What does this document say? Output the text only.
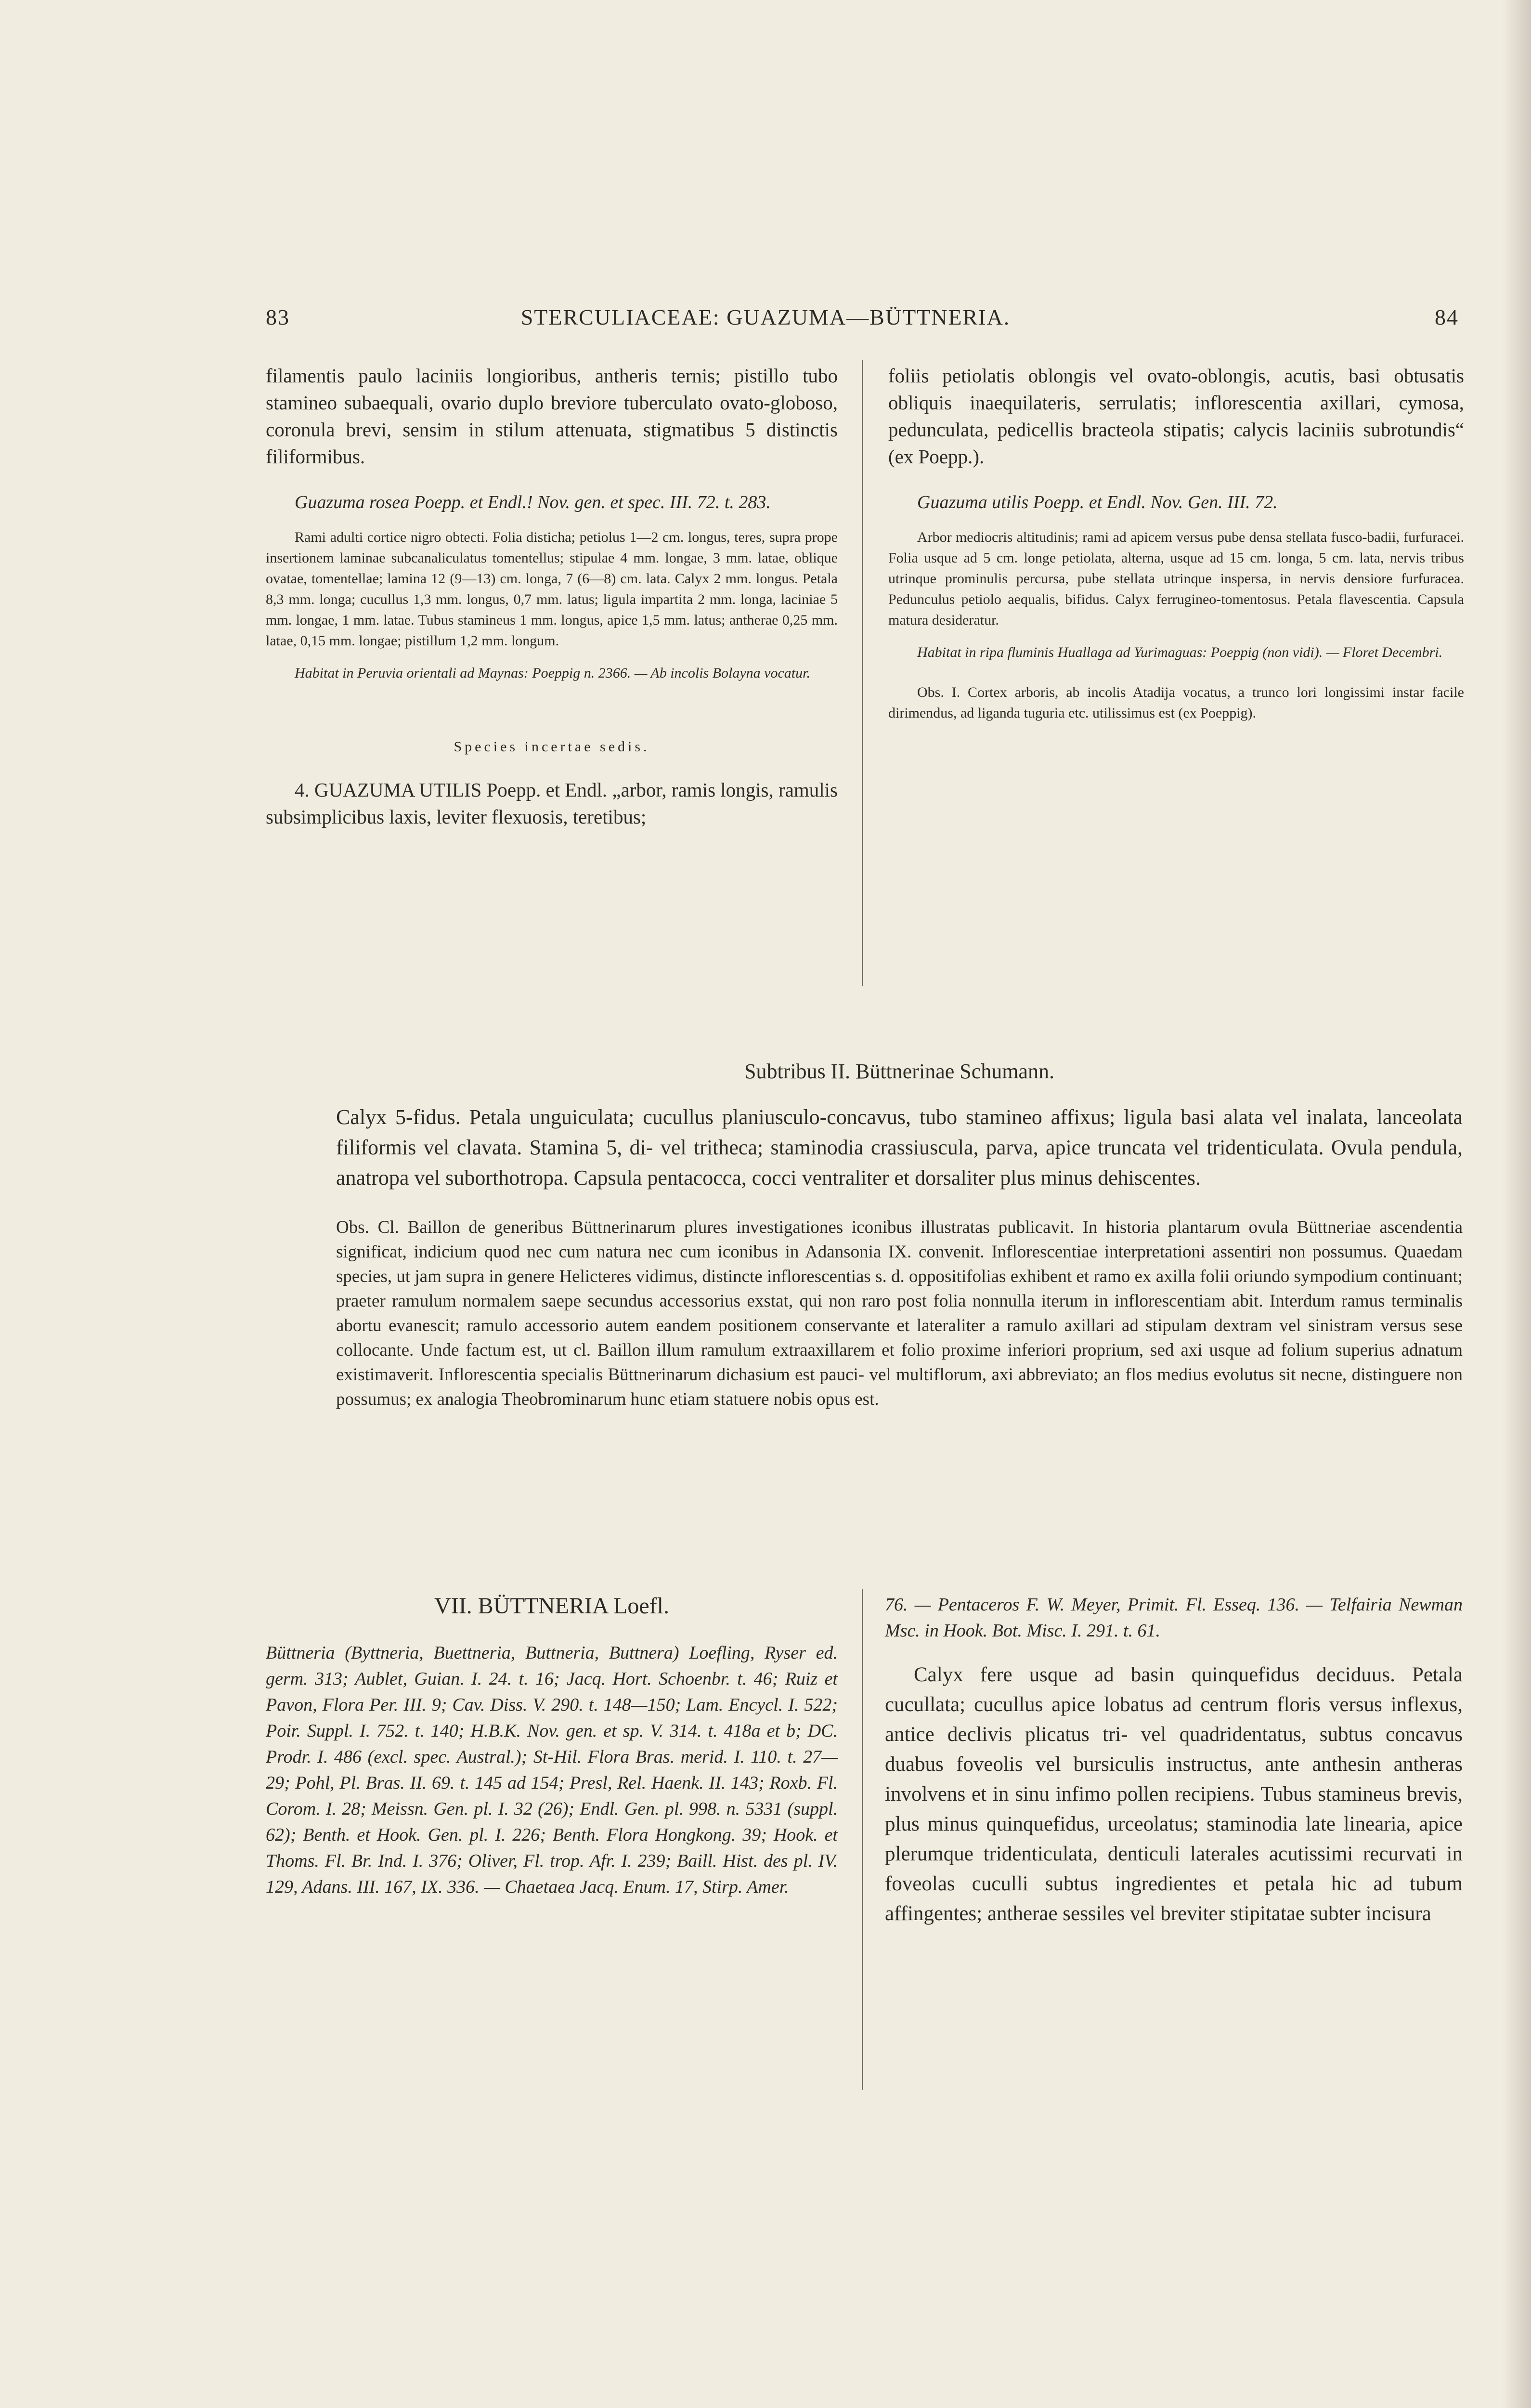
83	STERCULIACEAE: GUAZUMA—BÜTTNERIA.	84

filamentis paulo laciniis longioribus, antheris ternis; pistillo tubo stamineo subaequali, ovario duplo breviore tuberculato ovato-globoso, coronula brevi, sensim in stilum attenuata, stigmatibus 5 distinctis filiformibus.

Guazuma rosea Poepp. et Endl.! Nov. gen. et spec. III. 72. t. 283.

Rami adulti cortice nigro obtecti. Folia disticha; petiolus 1—2 cm. longus, teres, supra prope insertionem laminae subcanaliculatus tomentellus; stipulae 4 mm. longae, 3 mm. latae, oblique ovatae, tomentellae; lamina 12 (9—13) cm. longa, 7 (6—8) cm. lata. Calyx 2 mm. longus. Petala 8,3 mm. longa; cucullus 1,3 mm. longus, 0,7 mm. latus; ligula impartita 2 mm. longa, laciniae 5 mm. longae, 1 mm. latae. Tubus stamineus 1 mm. longus, apice 1,5 mm. latus; antherae 0,25 mm. latae, 0,15 mm. longae; pistillum 1,2 mm. longum.

Habitat in Peruvia orientali ad Maynas: Poeppig n. 2366. — Ab incolis Bolayna vocatur.

Species incertae sedis.

4. GUAZUMA UTILIS Poepp. et Endl. „arbor, ramis longis, ramulis subsimplicibus laxis, leviter flexuosis, teretibus;

foliis petiolatis oblongis vel ovato-oblongis, acutis, basi obtusatis obliquis inaequilateris, serrulatis; inflorescentia axillari, cymosa, pedunculata, pedicellis bracteola stipatis; calycis laciniis subrotundis“ (ex Poepp.).

Guazuma utilis Poepp. et Endl. Nov. Gen. III. 72.

Arbor mediocris altitudinis; rami ad apicem versus pube densa stellata fusco-badii, furfuracei. Folia usque ad 5 cm. longe petiolata, alterna, usque ad 15 cm. longa, 5 cm. lata, nervis tribus utrinque prominulis percursa, pube stellata utrinque inspersa, in nervis densiore furfuracea. Pedunculus petiolo aequalis, bifidus. Calyx ferrugineo-tomentosus. Petala flavescentia. Capsula matura desideratur.

Habitat in ripa fluminis Huallaga ad Yurimaguas: Poeppig (non vidi). — Floret Decembri.

Obs. I. Cortex arboris, ab incolis Atadija vocatus, a trunco lori longissimi instar facile dirimendus, ad liganda tuguria etc. utilissimus est (ex Poeppig).

Subtribus II. Büttnerinae Schumann.

Calyx 5-fidus. Petala unguiculata; cucullus planiusculo-concavus, tubo stamineo affixus; ligula basi alata vel inalata, lanceolata filiformis vel clavata. Stamina 5, di- vel tritheca; staminodia crassiuscula, parva, apice truncata vel tridenticulata. Ovula pendula, anatropa vel suborthotropa. Capsula pentacocca, cocci ventraliter et dorsaliter plus minus dehiscentes.

Obs. Cl. Baillon de generibus Büttnerinarum plures investigationes iconibus illustratas publicavit. In historia plantarum ovula Büttneriae ascendentia significat, indicium quod nec cum natura nec cum iconibus in Adansonia IX. convenit. Inflorescentiae interpretationi assentiri non possumus. Quaedam species, ut jam supra in genere Helicteres vidimus, distincte inflorescentias s. d. oppositifolias exhibent et ramo ex axilla folii oriundo sympodium continuant; praeter ramulum normalem saepe secundus accessorius exstat, qui non raro post folia nonnulla iterum in inflorescentiam abit. Interdum ramus terminalis abortu evanescit; ramulo accessorio autem eandem positionem conservante et lateraliter a ramulo axillari ad stipulam dextram vel sinistram versus sese collocante. Unde factum est, ut cl. Baillon illum ramulum extraaxillarem et folio proxime inferiori proprium, sed axi usque ad folium superius adnatum existimaverit. Inflorescentia specialis Büttnerinarum dichasium est pauci- vel multiflorum, axi abbreviato; an flos medius evolutus sit necne, distinguere non possumus; ex analogia Theobrominarum hunc etiam statuere nobis opus est.

VII. BÜTTNERIA Loefl.

Büttneria (Byttneria, Buettneria, Buttneria, Buttnera) Loefling, Ryser ed. germ. 313; Aublet, Guian. I. 24. t. 16; Jacq. Hort. Schoenbr. t. 46; Ruiz et Pavon, Flora Per. III. 9; Cav. Diss. V. 290. t. 148—150; Lam. Encycl. I. 522; Poir. Suppl. I. 752. t. 140; H.B.K. Nov. gen. et sp. V. 314. t. 418a et b; DC. Prodr. I. 486 (excl. spec. Austral.); St-Hil. Flora Bras. merid. I. 110. t. 27—29; Pohl, Pl. Bras. II. 69. t. 145 ad 154; Presl, Rel. Haenk. II. 143; Roxb. Fl. Corom. I. 28; Meissn. Gen. pl. I. 32 (26); Endl. Gen. pl. 998. n. 5331 (suppl. 62); Benth. et Hook. Gen. pl. I. 226; Benth. Flora Hongkong. 39; Hook. et Thoms. Fl. Br. Ind. I. 376; Oliver, Fl. trop. Afr. I. 239; Baill. Hist. des pl. IV. 129, Adans. III. 167, IX. 336. — Chaetaea Jacq. Enum. 17, Stirp. Amer.

76. — Pentaceros F. W. Meyer, Primit. Fl. Esseq. 136. — Telfairia Newman Msc. in Hook. Bot. Misc. I. 291. t. 61.

Calyx fere usque ad basin quinquefidus deciduus. Petala cucullata; cucullus apice lobatus ad centrum floris versus inflexus, antice declivis plicatus tri- vel quadridentatus, subtus concavus duabus foveolis vel bursiculis instructus, ante anthesin antheras involvens et in sinu infimo pollen recipiens. Tubus stamineus brevis, plus minus quinquefidus, urceolatus; staminodia late linearia, apice plerumque tridenticulata, denticuli laterales acutissimi recurvati in foveolas cuculli subtus ingredientes et petala hic ad tubum affingentes; antherae sessiles vel breviter stipitatae subter incisura
